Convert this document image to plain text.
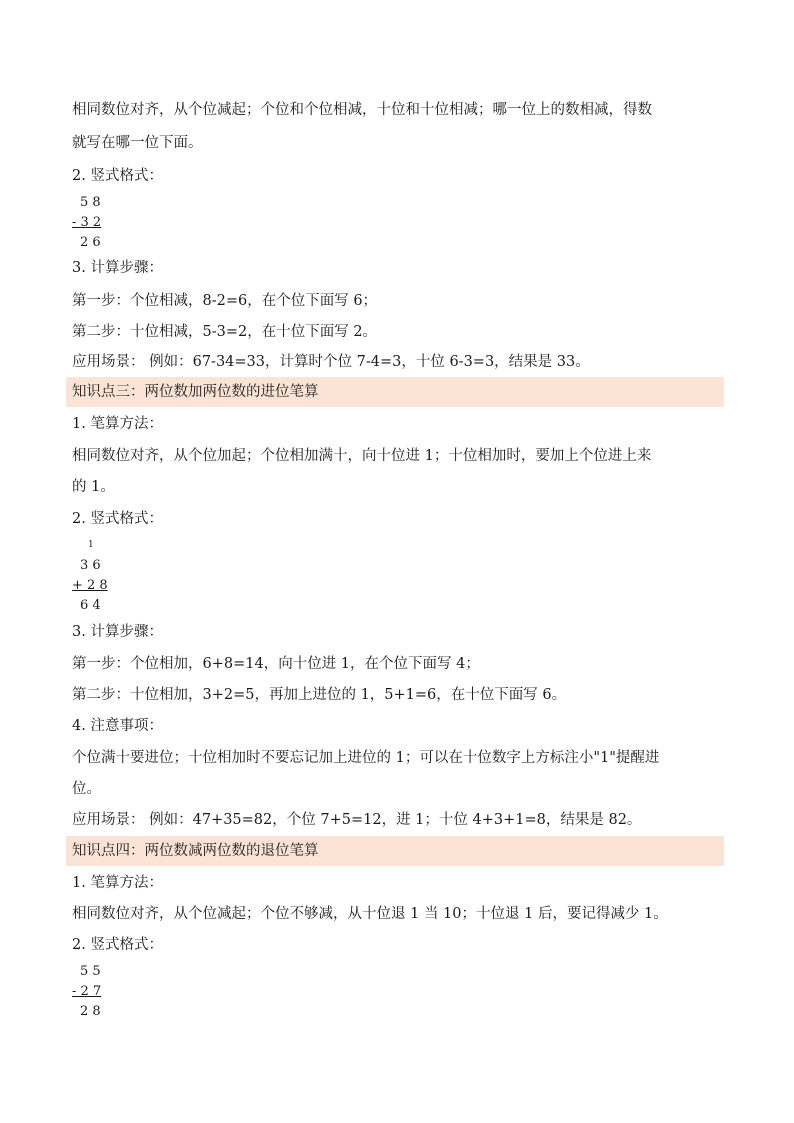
相同数位对齐，从个位减起；个位和个位相减，十位和十位相减；哪一位上的数相减，得数
就写在哪一位下面。
2. 竖式格式：
5 8
- 3 2
2 6
3. 计算步骤：
第一步：个位相减，8-2=6，在个位下面写 6；
第二步：十位相减，5-3=2，在十位下面写 2。
应用场景： 例如：67-34=33，计算时个位 7-4=3，十位 6-3=3，结果是 33。
知识点三：两位数加两位数的进位笔算
1. 笔算方法：
相同数位对齐，从个位加起；个位相加满十，向十位进 1；十位相加时，要加上个位进上来
的 1。
2. 竖式格式：
1
3 6
+ 2 8
6 4
3. 计算步骤：
第一步：个位相加，6+8=14，向十位进 1，在个位下面写 4；
第二步：十位相加，3+2=5，再加上进位的 1，5+1=6，在十位下面写 6。
4. 注意事项：
个位满十要进位；十位相加时不要忘记加上进位的 1；可以在十位数字上方标注小"1"提醒进
位。
应用场景： 例如：47+35=82，个位 7+5=12，进 1；十位 4+3+1=8，结果是 82。
知识点四：两位数减两位数的退位笔算
1. 笔算方法：
相同数位对齐，从个位减起；个位不够减，从十位退 1 当 10；十位退 1 后，要记得减少 1。
2. 竖式格式：
5 5
- 2 7
2 8
